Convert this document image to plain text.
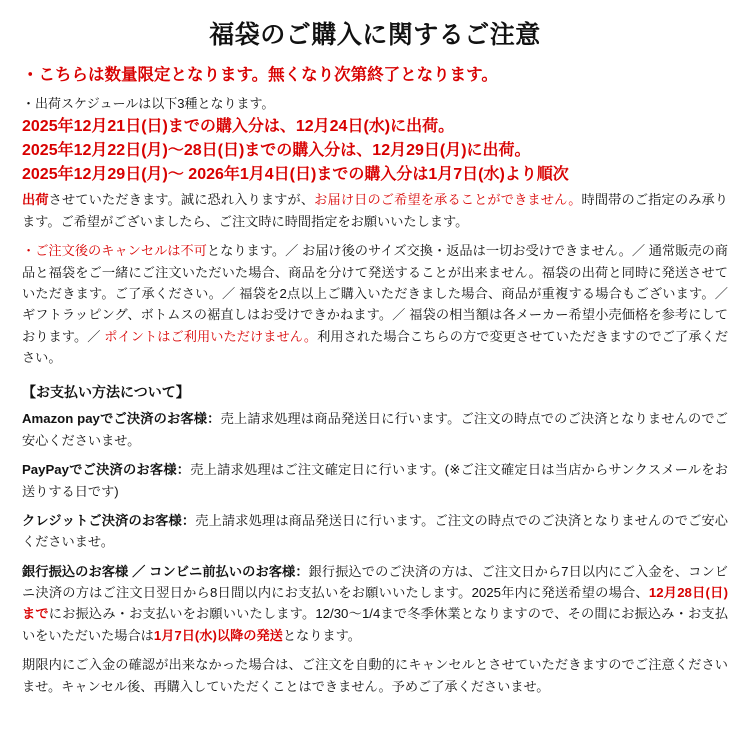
福袋のご購入に関するご注意
・こちらは数量限定となります。無くなり次第終了となります。
・出荷スケジュールは以下3種となります。
2025年12月21日(日)までの購入分は、12月24日(水)に出荷。
2025年12月22日(月)〜28日(日)までの購入分は、12月29日(月)に出荷。
2025年12月29日(月)〜 2026年1月4日(日)までの購入分は1月7日(水)より順次
出荷させていただきます。誠に恐れ入りますが、お届け日のご希望を承ることができません。時間帯のご指定のみ承ります。ご希望がございましたら、ご注文時に時間指定をお願いいたします。
・ご注文後のキャンセルは不可となります。／ お届け後のサイズ交換・返品は一切お受けできません。／ 通常販売の商品と福袋をご一緒にご注文いただいた場合、商品を分けて発送することが出来ません。福袋の出荷と同時に発送させていただきます。ご了承ください。／ 福袋を2点以上ご購入いただきました場合、商品が重複する場合もございます。／ ギフトラッピング、ボトムスの裾直しはお受けできかねます。／ 福袋の相当額は各メーカー希望小売価格を参考にしております。／ ポイントはご利用いただけません。利用された場合こちらの方で変更させていただきますのでご了承ください。
【お支払い方法について】
Amazon payでご決済のお客様：売上請求処理は商品発送日に行います。ご注文の時点でのご決済となりませんのでご安心くださいませ。
PayPayでご決済のお客様：売上請求処理はご注文確定日に行います。(※ご注文確定日は当店からサンクスメールをお送りする日です)
クレジットご決済のお客様：売上請求処理は商品発送日に行います。ご注文の時点でのご決済となりませんのでご安心くださいませ。
銀行振込のお客様 ／ コンビニ前払いのお客様：銀行振込でのご決済の方は、ご注文日から7日以内にご入金を、コンビニ決済の方はご注文日翌日から8日間以内にお支払いをお願いいたします。2025年内に発送希望の場合、12月28日(日)までにお振込み・お支払いをお願いいたします。12/30〜1/4まで冬季休業となりますので、その間にお振込み・お支払いをいただいた場合は1月7日(水)以降の発送となります。
期限内にご入金の確認が出来なかった場合は、ご注文を自動的にキャンセルとさせていただきますのでご注意くださいませ。キャンセル後、再購入していただくことはできません。予めご了承くださいませ。
